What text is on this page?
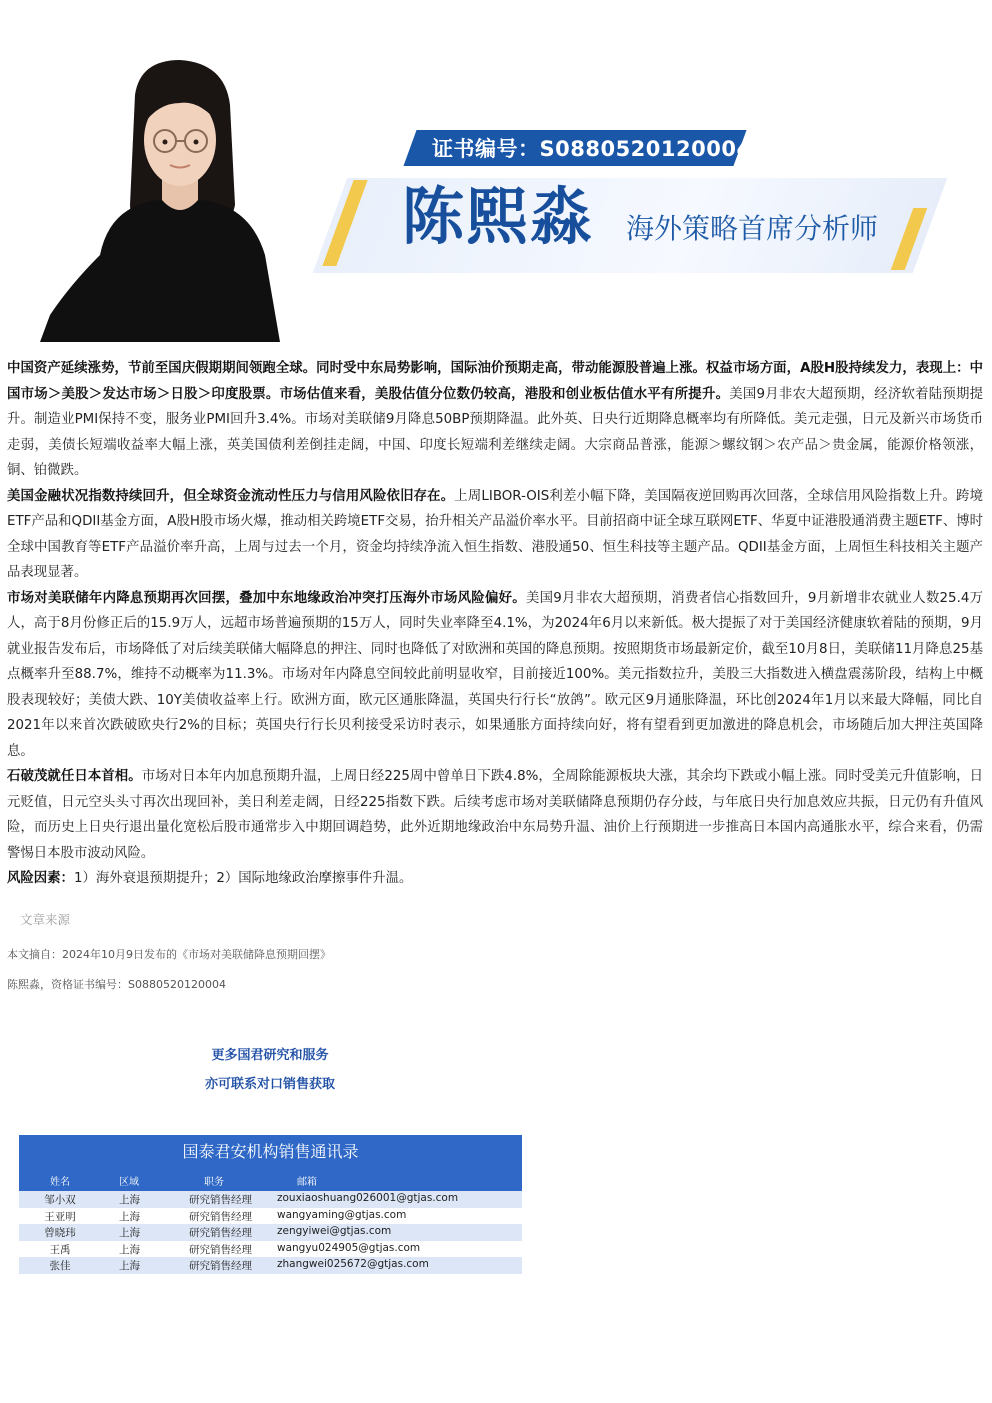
证书编号：S0880520120004
陈熙淼 海外策略首席分析师

中国资产延续涨势，节前至国庆假期期间领跑全球。同时受中东局势影响，国际油价预期走高，带动能源股普遍上涨。权益市场方面，A股H股持续发力，表现上：中国市场＞美股＞发达市场＞日股＞印度股票。市场估值来看，美股估值分位数仍较高，港股和创业板估值水平有所提升。美国9月非农大超预期，经济软着陆预期提升。制造业PMI保持不变，服务业PMI回升3.4%。市场对美联储9月降息50BP预期降温。此外英、日央行近期降息概率均有所降低。美元走强，日元及新兴市场货币走弱，美债长短端收益率大幅上涨，英美国债利差倒挂走阔，中国、印度长短端利差继续走阔。大宗商品普涨，能源＞螺纹钢＞农产品＞贵金属，能源价格领涨，铜、铂微跌。

美国金融状况指数持续回升，但全球资金流动性压力与信用风险依旧存在。上周LIBOR-OIS利差小幅下降，美国隔夜逆回购再次回落，全球信用风险指数上升。跨境ETF产品和QDII基金方面，A股H股市场火爆，推动相关跨境ETF交易，抬升相关产品溢价率水平。目前招商中证全球互联网ETF、华夏中证港股通消费主题ETF、博时全球中国教育等ETF产品溢价率升高，上周与过去一个月，资金均持续净流入恒生指数、港股通50、恒生科技等主题产品。QDII基金方面，上周恒生科技相关主题产品表现显著。

市场对美联储年内降息预期再次回摆，叠加中东地缘政治冲突打压海外市场风险偏好。美国9月非农大超预期，消费者信心指数回升，9月新增非农就业人数25.4万人，高于8月份修正后的15.9万人，远超市场普遍预期的15万人，同时失业率降至4.1%，为2024年6月以来新低。极大提振了对于美国经济健康软着陆的预期，9月就业报告发布后，市场降低了对后续美联储大幅降息的押注、同时也降低了对欧洲和英国的降息预期。按照期货市场最新定价，截至10月8日，美联储11月降息25基点概率升至88.7%，维持不动概率为11.3%。市场对年内降息空间较此前明显收窄，目前接近100%。美元指数拉升，美股三大指数进入横盘震荡阶段，结构上中概股表现较好；美债大跌、10Y美债收益率上行。欧洲方面，欧元区通胀降温，英国央行行长“放鸽”。欧元区9月通胀降温，环比创2024年1月以来最大降幅，同比自2021年以来首次跌破欧央行2%的目标；英国央行行长贝利接受采访时表示，如果通胀方面持续向好，将有望看到更加激进的降息机会，市场随后加大押注英国降息。

石破茂就任日本首相。市场对日本年内加息预期升温，上周日经225周中曾单日下跌4.8%，全周除能源板块大涨，其余均下跌或小幅上涨。同时受美元升值影响，日元贬值，日元空头头寸再次出现回补，美日利差走阔，日经225指数下跌。后续考虑市场对美联储降息预期仍存分歧，与年底日央行加息效应共振，日元仍有升值风险，而历史上日央行退出量化宽松后股市通常步入中期回调趋势，此外近期地缘政治中东局势升温、油价上行预期进一步推高日本国内高通胀水平，综合来看，仍需警惕日本股市波动风险。

风险因素：1）海外衰退预期提升；2）国际地缘政治摩擦事件升温。

文章来源
本文摘自：2024年10月9日发布的《市场对美联储降息预期回摆》
陈熙淼，资格证书编号：S0880520120004
更多国君研究和服务
亦可联系对口销售获取
国泰君安机构销售通讯录
姓名	区域	职务	邮箱
邹小双	上海	研究销售经理 zouxiaoshuang026001@gtjas.com
王亚明	上海	研究销售经理 wangyaming@gtjas.com
曾晓玮	上海	研究销售经理 zengyiwei@gtjas.com
王禹	上海	研究销售经理 wangyu024905@gtjas.com
张佳	上海	研究销售经理 zhangwei025672@gtjas.com
